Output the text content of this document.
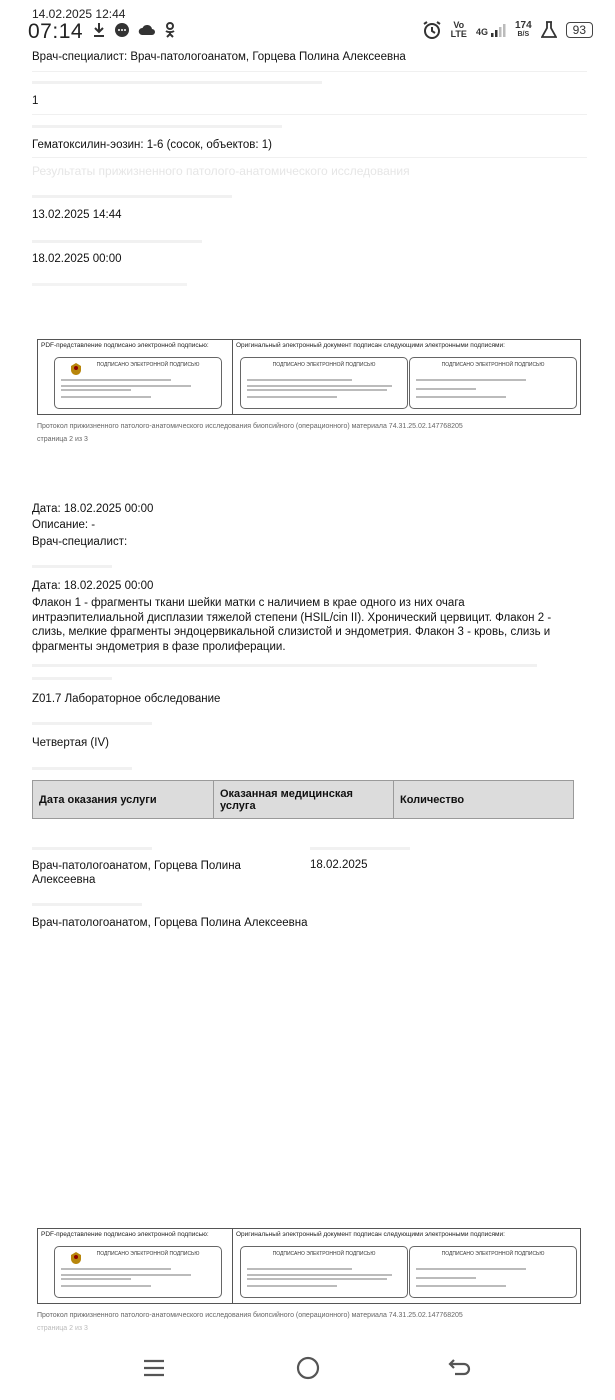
14.02.2025 12:44
07:14	Vo
LTE 4G
174
B/S	93
Врач-специалист: Врач-патологоанатом, Горцева Полина Алексеевна
1
Гематоксилин-эозин: 1-6 (сосок, объектов: 1)
Результаты прижизненного патолого-анатомического исследования
13.02.2025 14:44
18.02.2025 00:00
PDF-представление подписано электронной подписью:	Оригинальный электронный документ подписан следующими электронными подписями:
ПОДПИСАНО ЭЛЕКТРОННОЙ ПОДПИСЬЮ	ПОДПИСАНО ЭЛЕКТРОННОЙ ПОДПИСЬЮ	ПОДПИСАНО ЭЛЕКТРОННОЙ ПОДПИСЬЮ
Протокол прижизненного патолого-анатомического исследования биопсийного (операционного) материала 74.31.25.02.147768205
страница 2 из 3
Дата: 18.02.2025 00:00
Описание: -
Врач-специалист:
Дата: 18.02.2025 00:00
Флакон 1 - фрагменты ткани шейки матки с наличием в крае одного из них очага интраэпителиальной дисплазии тяжелой степени (HSIL/cin II). Хронический цервицит. Флакон 2 - слизь, мелкие фрагменты эндоцервикальной слизистой и эндометрия. Флакон 3 - кровь, слизь и фрагменты эндометрия в фазе пролиферации.
Z01.7 Лабораторное обследование
Четвертая (IV)
Дата оказания услуги	Оказанная медицинская услуга	Количество
Врач-патологоанатом, Горцева Полина Алексеевна
18.02.2025
Врач-патологоанатом, Горцева Полина Алексеевна
PDF-представление подписано электронной подписью:	Оригинальный электронный документ подписан следующими электронными подписями:
ПОДПИСАНО ЭЛЕКТРОННОЙ ПОДПИСЬЮ	ПОДПИСАНО ЭЛЕКТРОННОЙ ПОДПИСЬЮ	ПОДПИСАНО ЭЛЕКТРОННОЙ ПОДПИСЬЮ
Протокол прижизненного патолого-анатомического исследования биопсийного (операционного) материала 74.31.25.02.147768205
страница 2 из 3
